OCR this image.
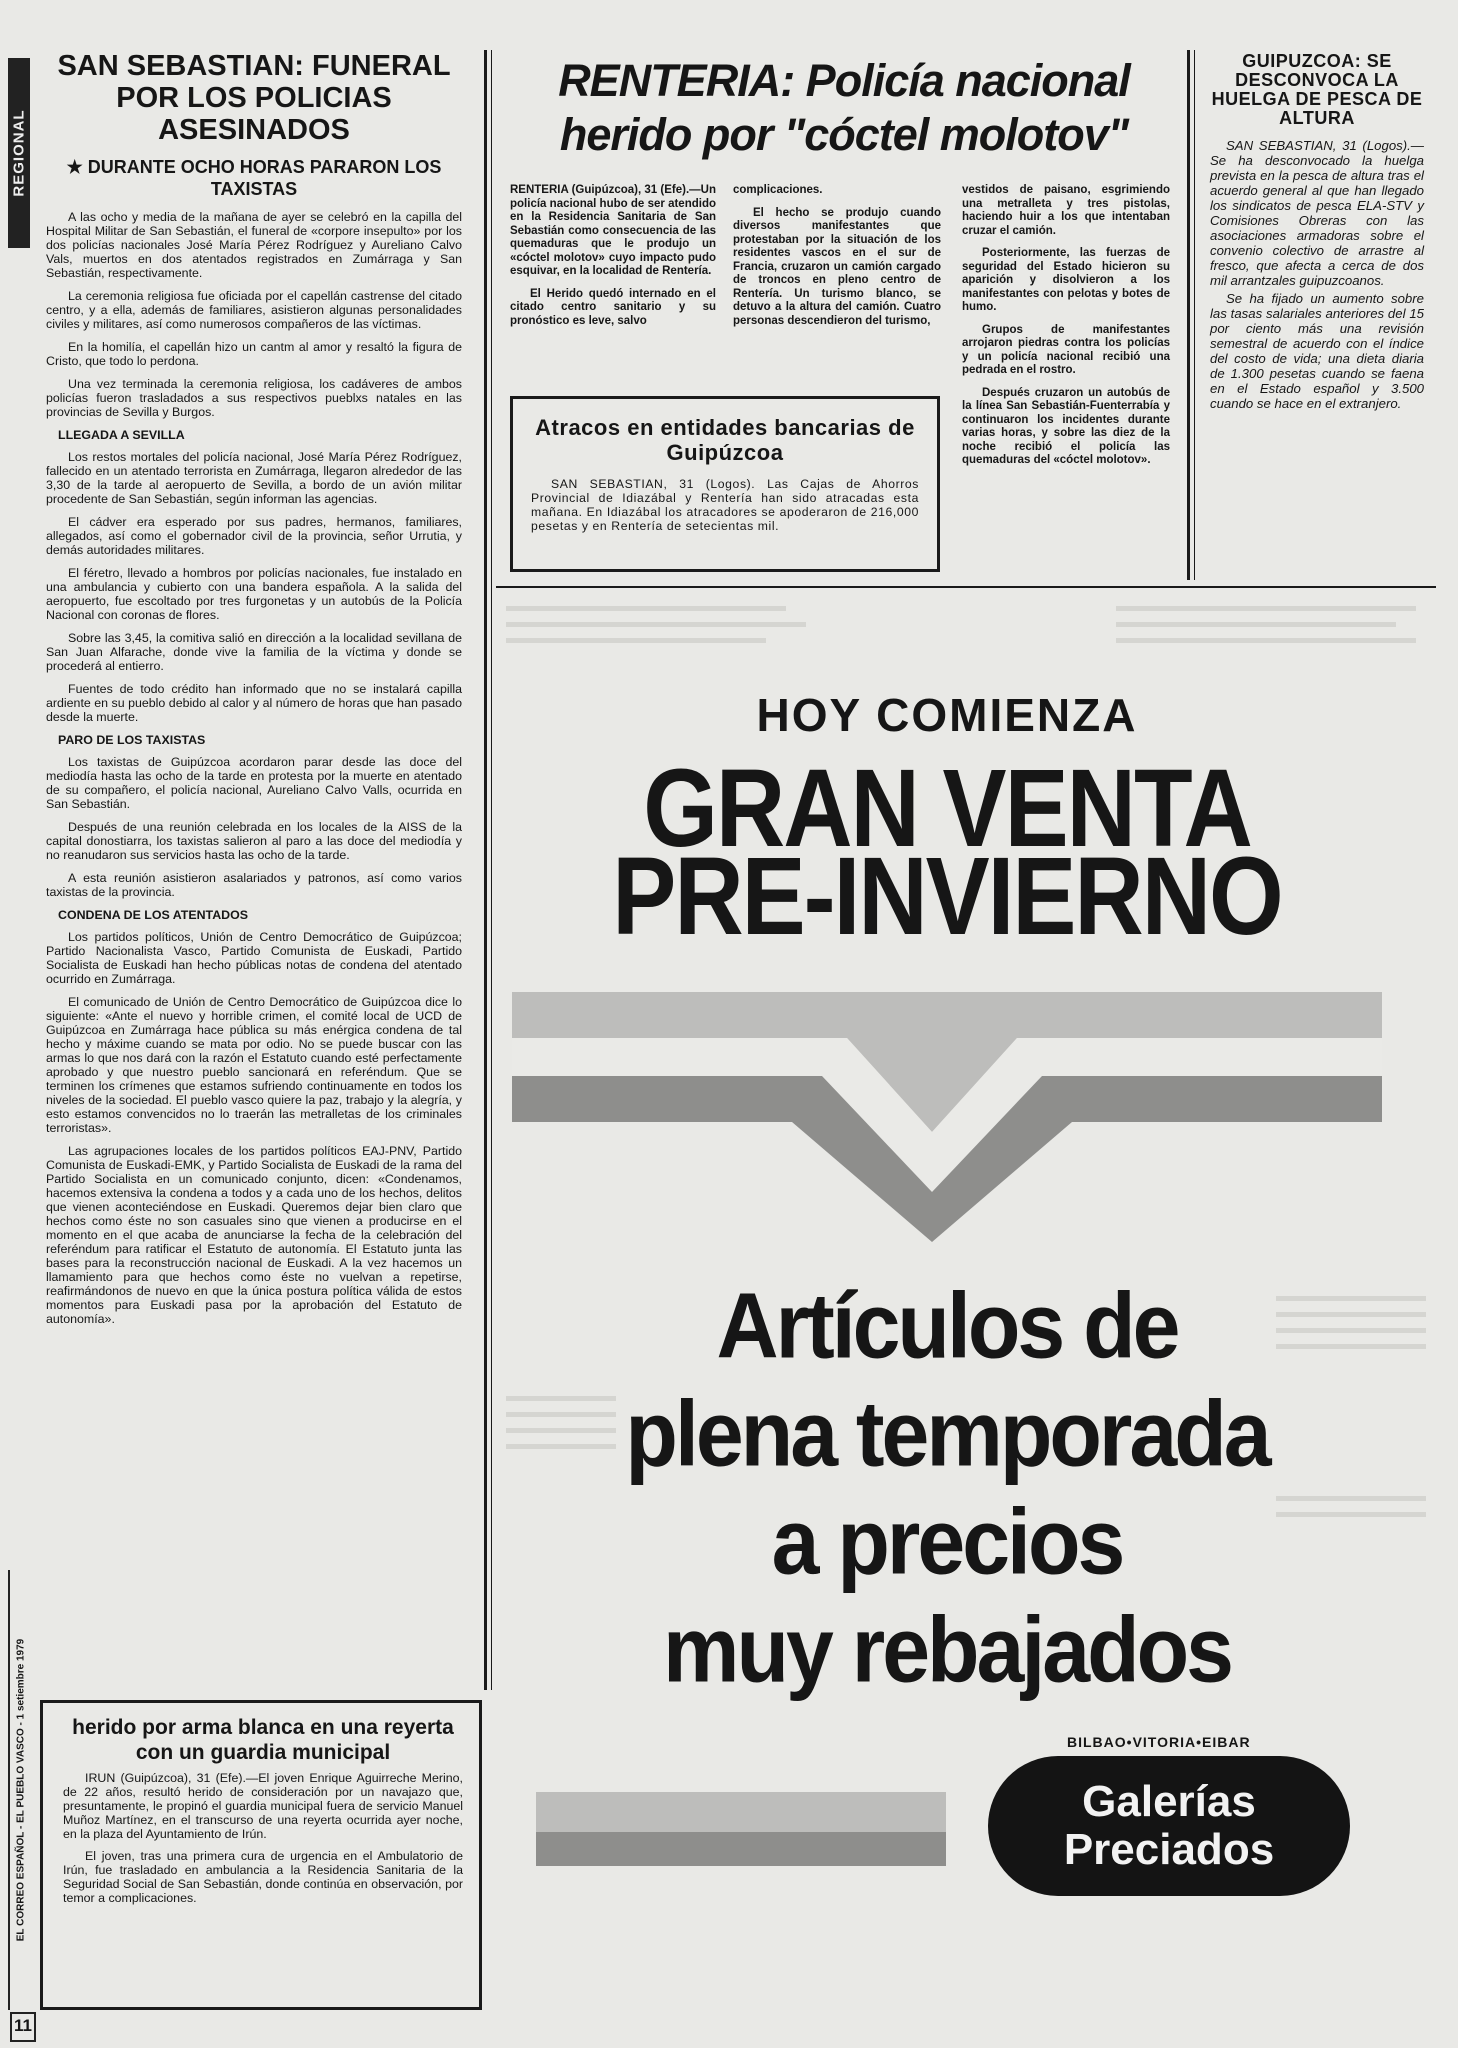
REGIONAL
EL CORREO ESPAÑOL - EL PUEBLO VASCO - 1 setiembre 1979
11
SAN SEBASTIAN: FUNERAL POR LOS POLICIAS ASESINADOS
★ DURANTE OCHO HORAS PARARON LOS TAXISTAS

A las ocho y media de la mañana de ayer se celebró en la capilla del Hospital Militar de San Sebastián, el funeral de «corpore insepulto» por los dos policías nacionales José María Pérez Rodríguez y Aureliano Calvo Vals, muertos en dos atentados registrados en Zumárraga y San Sebastián, respectivamente.

La ceremonia religiosa fue oficiada por el capellán castrense del citado centro, y a ella, además de familiares, asistieron algunas personalidades civiles y militares, así como numerosos compañeros de las víctimas.

En la homilía, el capellán hizo un cantm al amor y resaltó la figura de Cristo, que todo lo perdona.

Una vez terminada la ceremonia religiosa, los cadáveres de ambos policías fueron trasladados a sus respectivos pueblxs natales en las provincias de Sevilla y Burgos.

LLEGADA A SEVILLA

Los restos mortales del policía nacional, José María Pérez Rodríguez, fallecido en un atentado terrorista en Zumárraga, llegaron alrededor de las 3,30 de la tarde al aeropuerto de Sevilla, a bordo de un avión militar procedente de San Sebastián, según informan las agencias.

El cádver era esperado por sus padres, hermanos, familiares, allegados, así como el gobernador civil de la provincia, señor Urrutia, y demás autoridades militares.

El féretro, llevado a hombros por policías nacionales, fue instalado en una ambulancia y cubierto con una bandera española. A la salida del aeropuerto, fue escoltado por tres furgonetas y un autobús de la Policía Nacional con coronas de flores.

Sobre las 3,45, la comitiva salió en dirección a la localidad sevillana de San Juan Alfarache, donde vive la familia de la víctima y donde se procederá al entierro.

Fuentes de todo crédito han informado que no se instalará capilla ardiente en su pueblo debido al calor y al número de horas que han pasado desde la muerte.

PARO DE LOS TAXISTAS

Los taxistas de Guipúzcoa acordaron parar desde las doce del mediodía hasta las ocho de la tarde en protesta por la muerte en atentado de su compañero, el policía nacional, Aureliano Calvo Valls, ocurrida en San Sebastián.

Después de una reunión celebrada en los locales de la AISS de la capital donostiarra, los taxistas salieron al paro a las doce del mediodía y no reanudaron sus servicios hasta las ocho de la tarde.

A esta reunión asistieron asalariados y patronos, así como varios taxistas de la provincia.

CONDENA DE LOS ATENTADOS

Los partidos políticos, Unión de Centro Democrático de Guipúzcoa; Partido Nacionalista Vasco, Partido Comunista de Euskadi, Partido Socialista de Euskadi han hecho públicas notas de condena del atentado ocurrido en Zumárraga.

El comunicado de Unión de Centro Democrático de Guipúzcoa dice lo siguiente: «Ante el nuevo y horrible crimen, el comité local de UCD de Guipúzcoa en Zumárraga hace pública su más enérgica condena de tal hecho y máxime cuando se mata por odio. No se puede buscar con las armas lo que nos dará con la razón el Estatuto cuando esté perfectamente aprobado y que nuestro pueblo sancionará en referéndum. Que se terminen los crímenes que estamos sufriendo continuamente en todos los niveles de la sociedad. El pueblo vasco quiere la paz, trabajo y la alegría, y esto estamos convencidos no lo traerán las metralletas de los criminales terroristas».

Las agrupaciones locales de los partidos políticos EAJ-PNV, Partido Comunista de Euskadi-EMK, y Partido Socialista de Euskadi de la rama del Partido Socialista en un comunicado conjunto, dicen: «Condenamos, hacemos extensiva la condena a todos y a cada uno de los hechos, delitos que vienen aconteciéndose en Euskadi. Queremos dejar bien claro que hechos como éste no son casuales sino que vienen a producirse en el momento en el que acaba de anunciarse la fecha de la celebración del referéndum para ratificar el Estatuto de autonomía. El Estatuto junta las bases para la reconstrucción nacional de Euskadi. A la vez hacemos un llamamiento para que hechos como éste no vuelvan a repetirse, reafirmándonos de nuevo en que la única postura política válida de estos momentos para Euskadi pasa por la aprobación del Estatuto de autonomía».

herido por arma blanca en una reyerta con un guardia municipal

IRUN (Guipúzcoa), 31 (Efe).—El joven Enrique Aguirreche Merino, de 22 años, resultó herido de consideración por un navajazo que, presuntamente, le propinó el guardia municipal fuera de servicio Manuel Muñoz Martínez, en el transcurso de una reyerta ocurrida ayer noche, en la plaza del Ayuntamiento de Irún.

El joven, tras una primera cura de urgencia en el Ambulatorio de Irún, fue trasladado en ambulancia a la Residencia Sanitaria de la Seguridad Social de San Sebastián, donde continúa en observación, por temor a complicaciones.

RENTERIA: Policía nacional
herido por "cóctel molotov"

RENTERIA (Guipúzcoa), 31 (Efe).—Un policía nacional hubo de ser atendido en la Residencia Sanitaria de San Sebastián como consecuencia de las quemaduras que le produjo un «cóctel molotov» cuyo impacto pudo esquivar, en la localidad de Rentería.

El Herido quedó internado en el citado centro sanitario y su pronóstico es leve, salvo

complicaciones.

El hecho se produjo cuando diversos manifestantes que protestaban por la situación de los residentes vascos en el sur de Francia, cruzaron un camión cargado de troncos en pleno centro de Rentería. Un turismo blanco, se detuvo a la altura del camión. Cuatro personas descendieron del turismo,

vestidos de paisano, esgrimiendo una metralleta y tres pistolas, haciendo huir a los que intentaban cruzar el camión.

Posteriormente, las fuerzas de seguridad del Estado hicieron su aparición y disolvieron a los manifestantes con pelotas y botes de humo.

Grupos de manifestantes arrojaron piedras contra los policías y un policía nacional recibió una pedrada en el rostro.

Después cruzaron un autobús de la línea San Sebastián-Fuenterrabía y continuaron los incidentes durante varias horas, y sobre las diez de la noche recibió el policía las quemaduras del «cóctel molotov».

Atracos en entidades bancarias de Guipúzcoa

SAN SEBASTIAN, 31 (Logos). Las Cajas de Ahorros Provincial de Idiazábal y Rentería han sido atracadas esta mañana. En Idiazábal los atracadores se apoderaron de 216,000 pesetas y en Rentería de setecientas mil.

GUIPUZCOA: SE DESCONVOCA LA HUELGA DE PESCA DE ALTURA

SAN SEBASTIAN, 31 (Logos).—Se ha desconvocado la huelga prevista en la pesca de altura tras el acuerdo general al que han llegado los sindicatos de pesca ELA-STV y Comisiones Obreras con las asociaciones armadoras sobre el convenio colectivo de arrastre al fresco, que afecta a cerca de dos mil arrantzales guipuzcoanos.

Se ha fijado un aumento sobre las tasas salariales anteriores del 15 por ciento más una revisión semestral de acuerdo con el índice del costo de vida; una dieta diaria de 1.300 pesetas cuando se faena en el Estado español y 3.500 cuando se hace en el extranjero.

HOY COMIENZA
GRAN VENTA
PRE-INVIERNO
Artículos de
plena temporada
a precios
muy rebajados
BILBAO•VITORIA•EIBAR
Galerías
Preciados
